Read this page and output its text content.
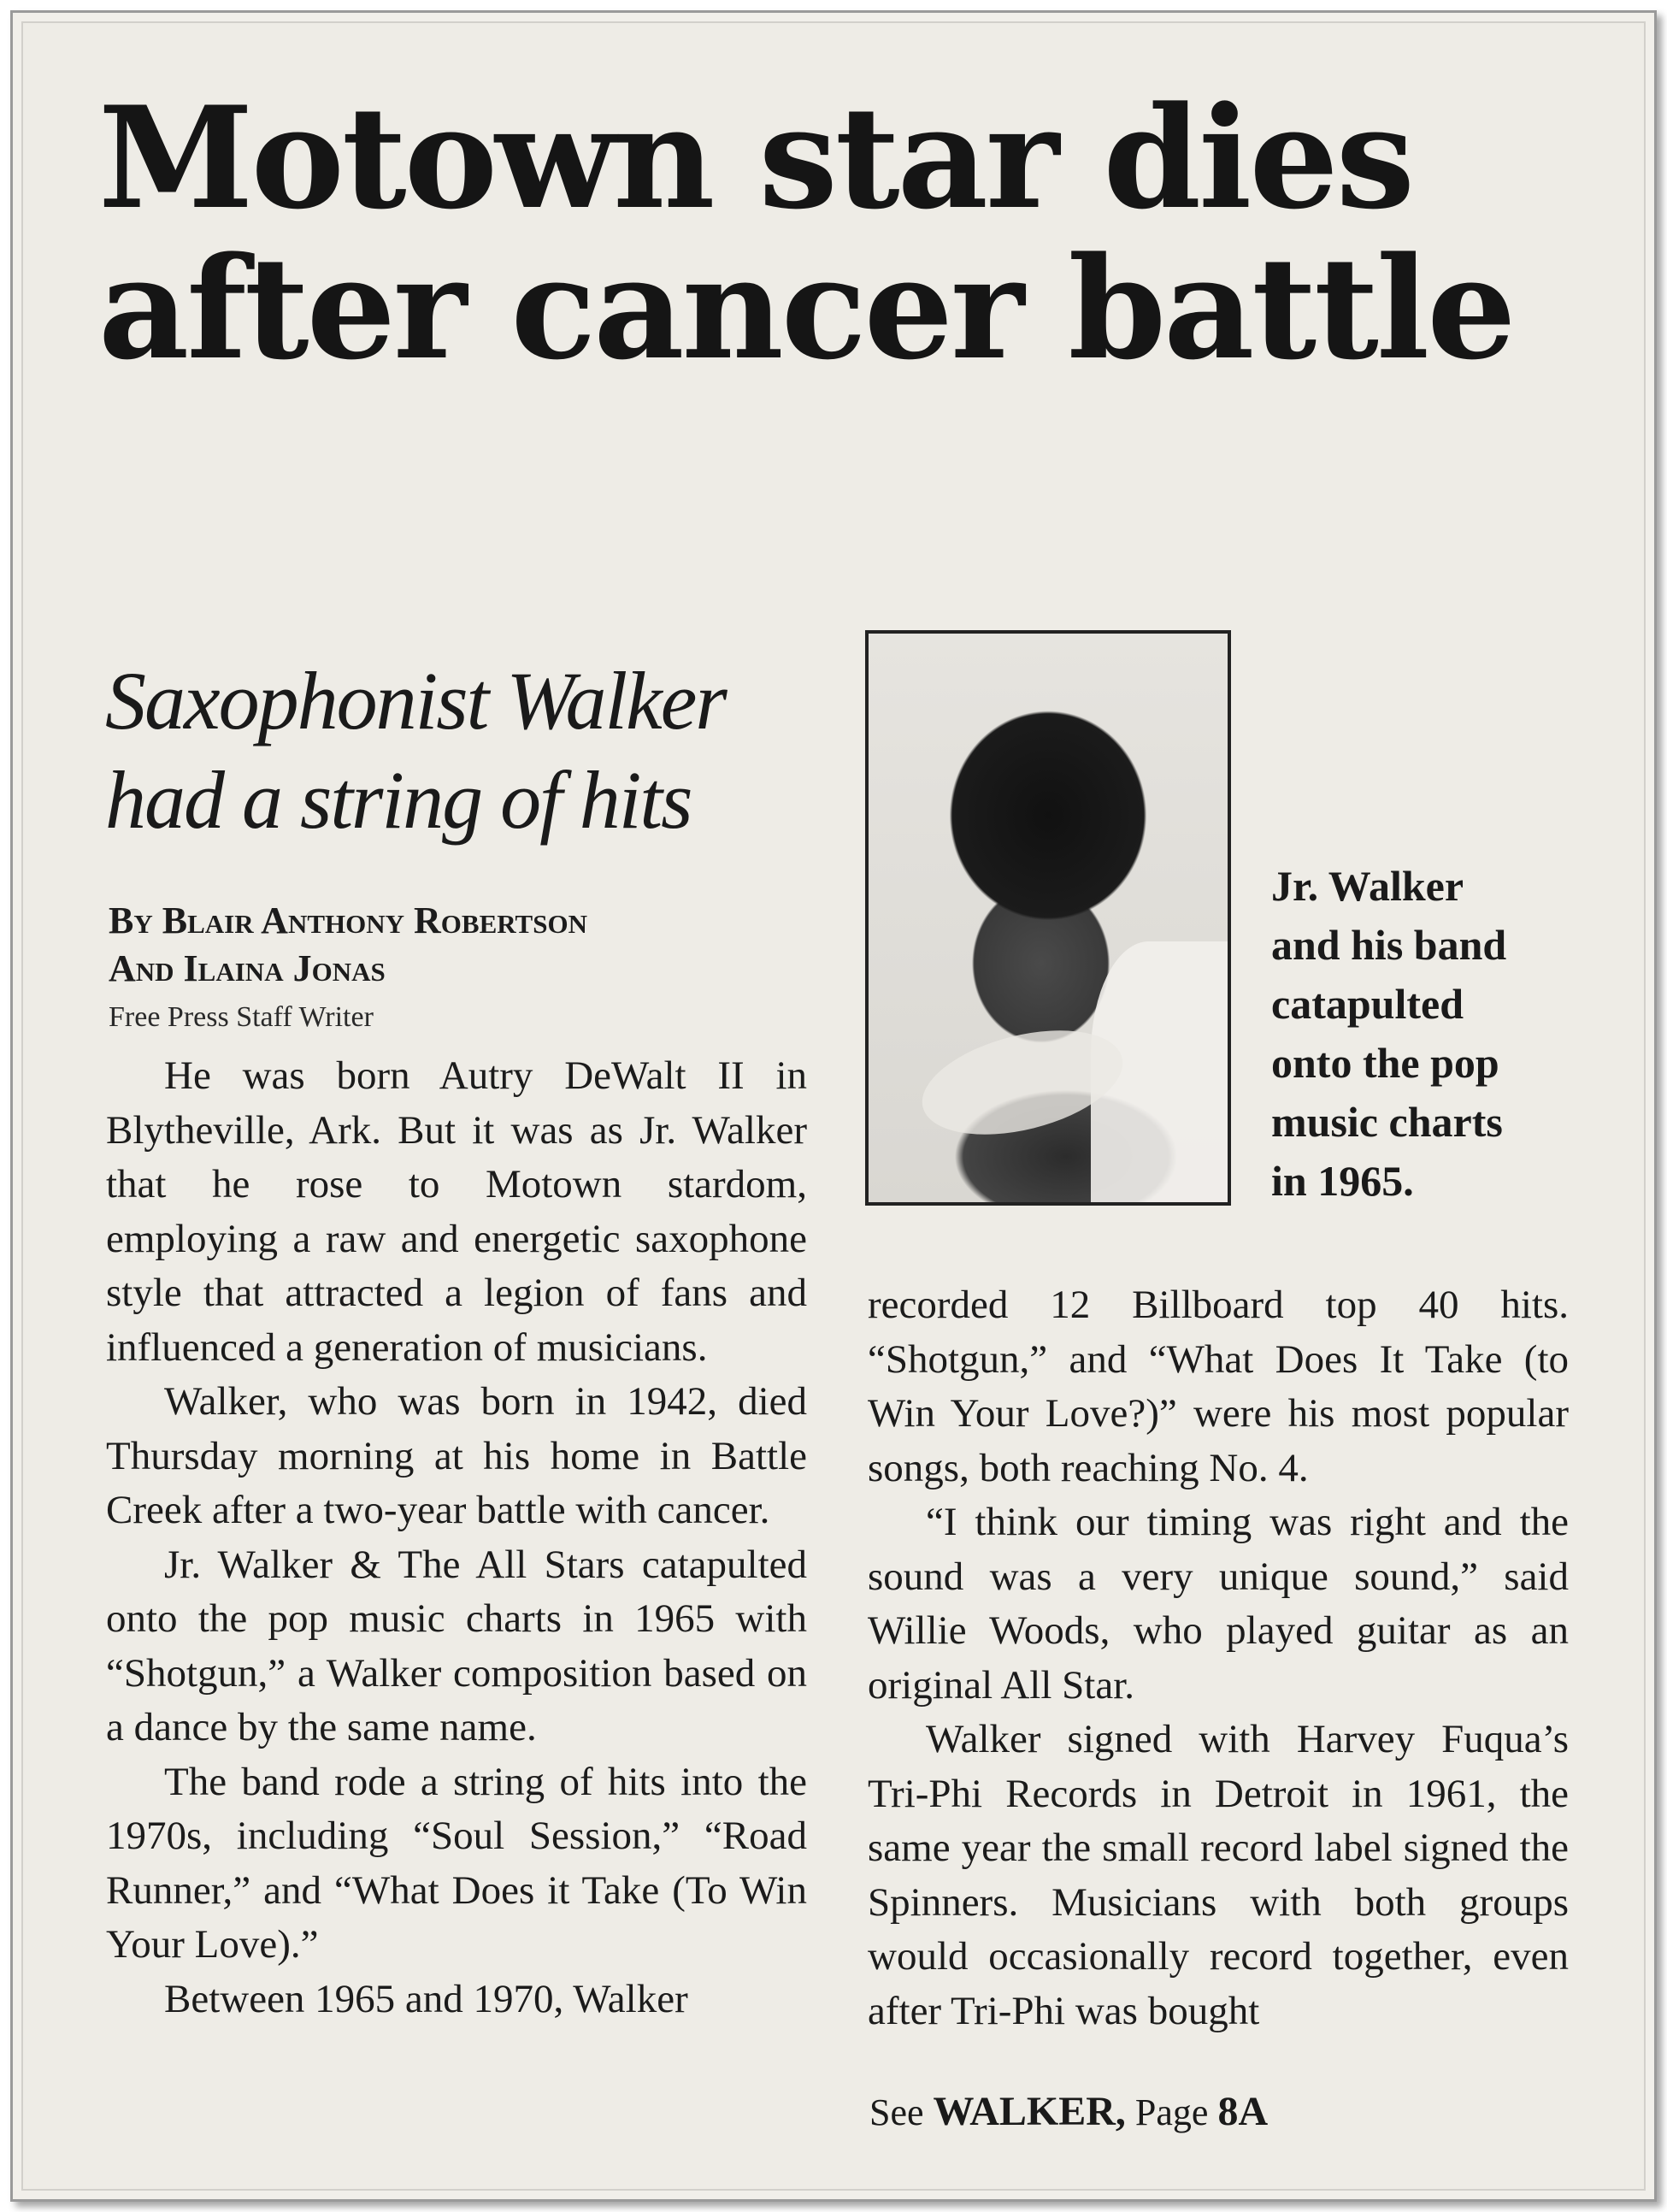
Motown star dies
after cancer battle
Saxophonist Walker
had a string of hits
By Blair Anthony Robertson
And Ilaina Jonas
Free Press Staff Writer
Jr. Walker
and his band
catapulted
onto the pop
music charts
in 1965.

He was born Autry DeWalt II in Blytheville, Ark. But it was as Jr. Walker that he rose to Motown stardom, employing a raw and energetic saxophone style that attracted a legion of fans and influenced a generation of musicians.

Walker, who was born in 1942, died Thursday morning at his home in Battle Creek after a two-year battle with cancer.

Jr. Walker & The All Stars catapulted onto the pop music charts in 1965 with “Shotgun,” a Walker composition based on a dance by the same name.

The band rode a string of hits into the 1970s, including “Soul Session,” “Road Runner,” and “What Does it Take (To Win Your Love).”

Between 1965 and 1970, Walker

recorded 12 Billboard top 40 hits. “Shotgun,” and “What Does It Take (to Win Your Love?)” were his most popular songs, both reaching No. 4.

“I think our timing was right and the sound was a very unique sound,” said Willie Woods, who played guitar as an original All Star.

Walker signed with Harvey Fuqua’s Tri-Phi Records in Detroit in 1961, the same year the small record label signed the Spinners. Musicians with both groups would occasionally record together, even after Tri-Phi was bought

See WALKER, Page 8A
